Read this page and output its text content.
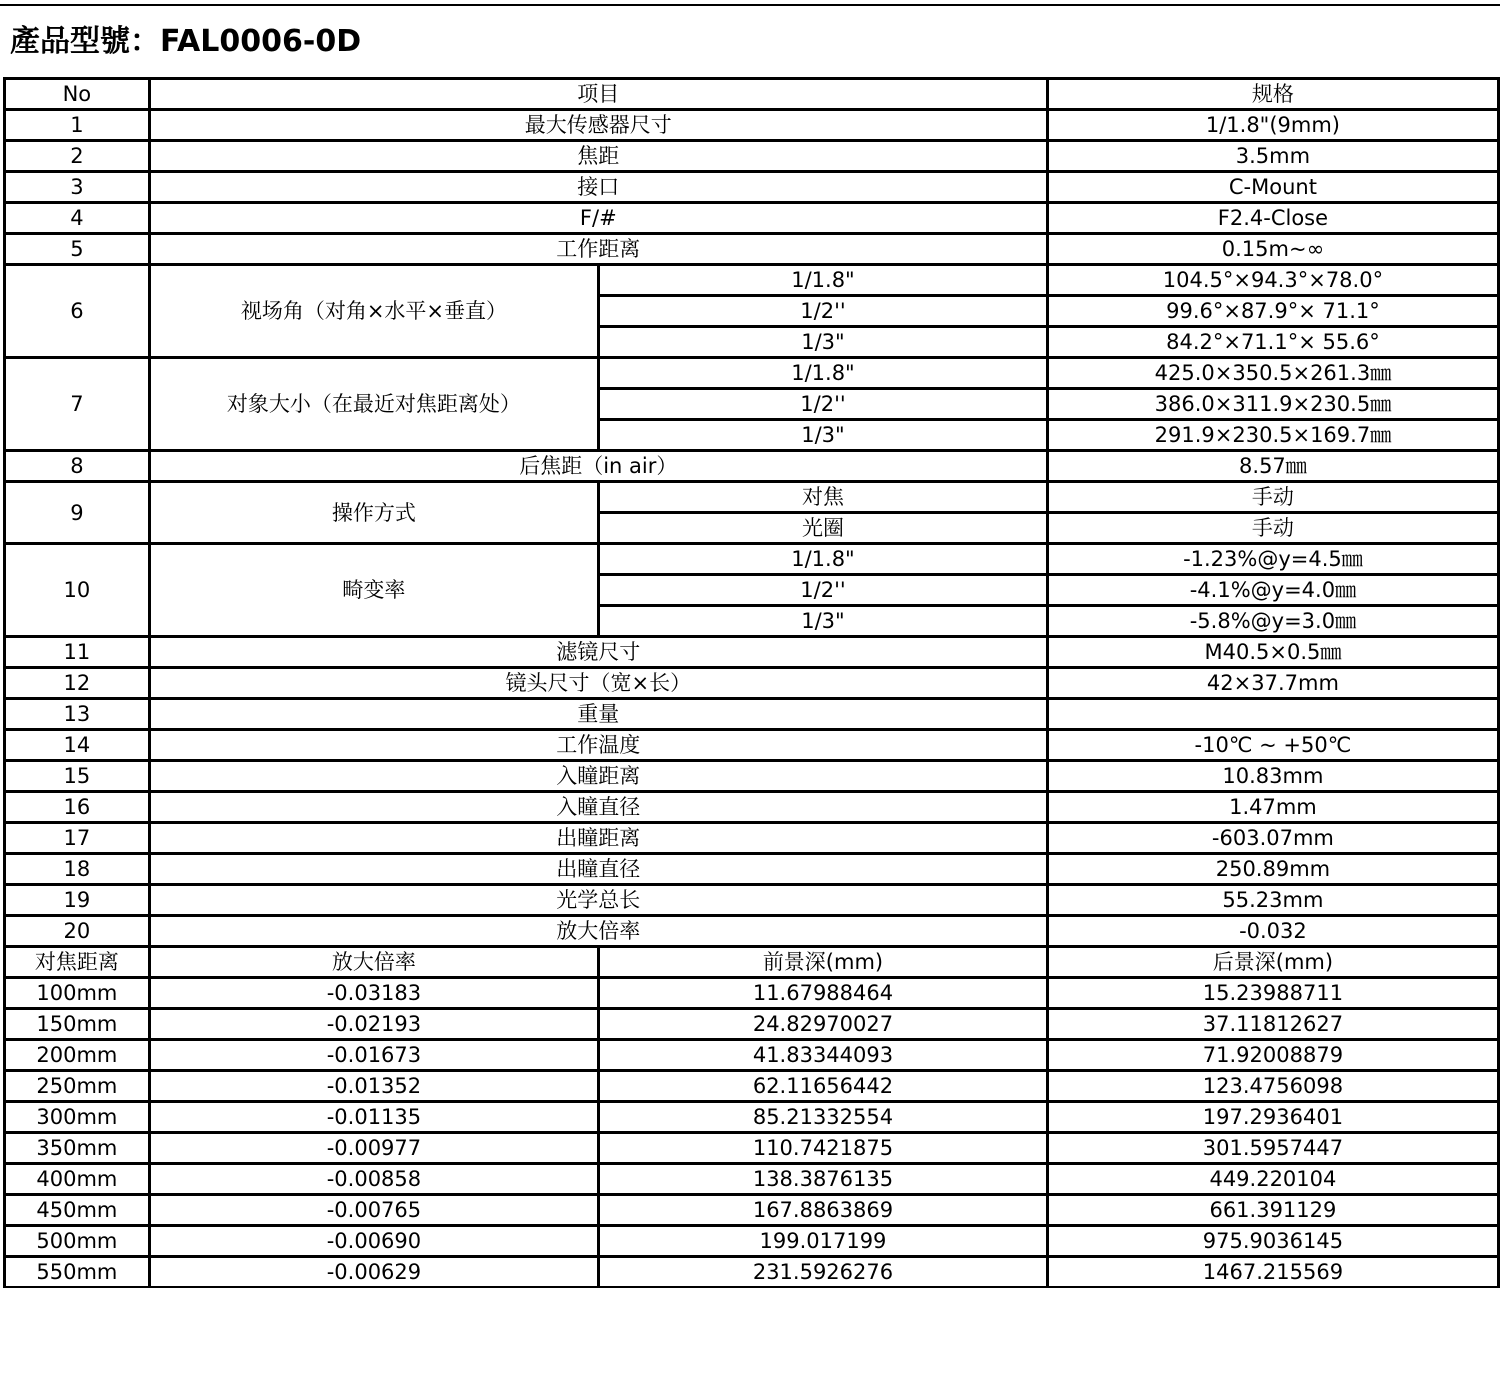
產品型號：FAL0006-0D
No	项目		规格
1	最大传感器尺寸		1/1.8"(9mm)
2	焦距		3.5mm
3	接口		C-Mount
4	F/#		F2.4-Close
5	工作距离		0.15m~∞
6	视场角（对角×水平×垂直）	1/1.8"	104.5°×94.3°×78.0°
		1/2''	99.6°×87.9°× 71.1°
		1/3"	84.2°×71.1°× 55.6°
7	对象大小（在最近对焦距离处）	1/1.8"	425.0×350.5×261.3㎜
		1/2''	386.0×311.9×230.5㎜
		1/3"	291.9×230.5×169.7㎜
8	后焦距（in air）		8.57㎜
9	操作方式	对焦	手动
		光圈	手动
10	畸变率	1/1.8"	-1.23%@y=4.5㎜
		1/2''	-4.1%@y=4.0㎜
		1/3"	-5.8%@y=3.0㎜
11	滤镜尺寸		M40.5×0.5㎜
12	镜头尺寸（宽×长）		42×37.7mm
13	重量		
14	工作温度		-10℃ ~ +50℃
15	入瞳距离		10.83mm
16	入瞳直径		1.47mm
17	出瞳距离		-603.07mm
18	出瞳直径		250.89mm
19	光学总长		55.23mm
20	放大倍率		-0.032
对焦距离	放大倍率	前景深(mm)	后景深(mm)
100mm	-0.03183	11.67988464	15.23988711
150mm	-0.02193	24.82970027	37.11812627
200mm	-0.01673	41.83344093	71.92008879
250mm	-0.01352	62.11656442	123.4756098
300mm	-0.01135	85.21332554	197.2936401
350mm	-0.00977	110.7421875	301.5957447
400mm	-0.00858	138.3876135	449.220104
450mm	-0.00765	167.8863869	661.391129
500mm	-0.00690	199.017199	975.9036145
550mm	-0.00629	231.5926276	1467.215569
